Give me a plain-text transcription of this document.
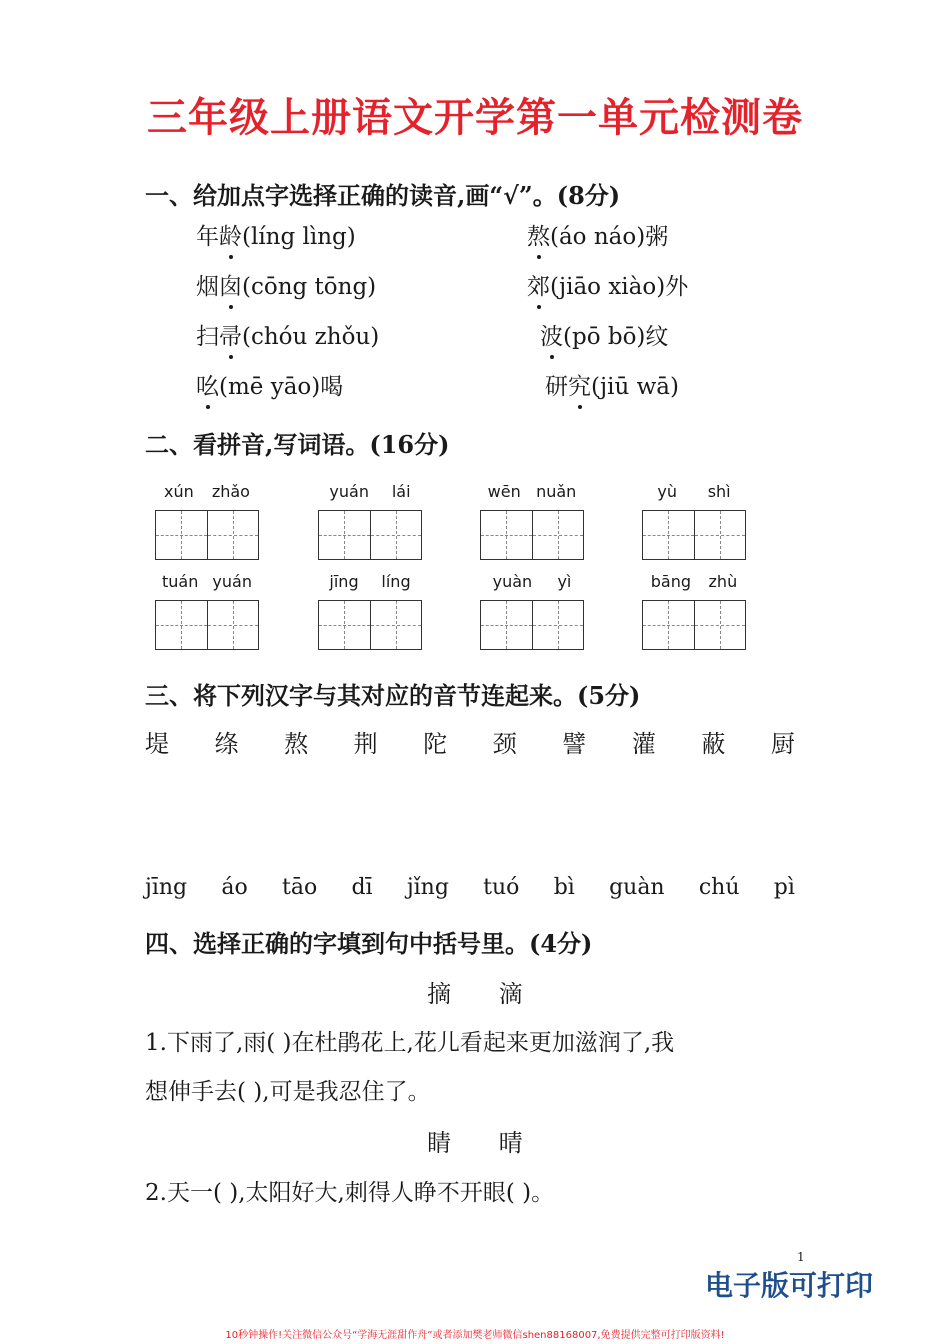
三年级上册语文开学第一单元检测卷
一、给加点字选择正确的读音,画“√”。(8分)
年龄(líng lìng)	熬(áo náo)粥
烟囱(cōng tōng)	郊(jiāo xiào)外
扫帚(chóu zhǒu)	波(pō bō)纹
吆(mē yāo)喝	研究(jiū wā)
二、看拼音,写词语。(16分)
xún zhǎo	yuán lái	wēn nuǎn	yù shì
tuán yuán	jīng líng	yuàn yì	bāng zhù
三、将下列汉字与其对应的音节连起来。(5分)
堤 绦 熬 荆 陀 颈 譬 灌 蔽 厨
jīng áo tāo dī jǐng tuó bì guàn chú pì
四、选择正确的字填到句中括号里。(4分)
摘 滴
1.下雨了,雨( )在杜鹃花上,花儿看起来更加滋润了,我
想伸手去( ),可是我忍住了。
睛 晴
2.天一( ),太阳好大,刺得人睁不开眼( )。
1
电子版可打印
10秒钟操作!关注微信公众号“学海无涯甜作舟”或者添加樊老师微信shen88168007,免费提供完整可打印版资料!
